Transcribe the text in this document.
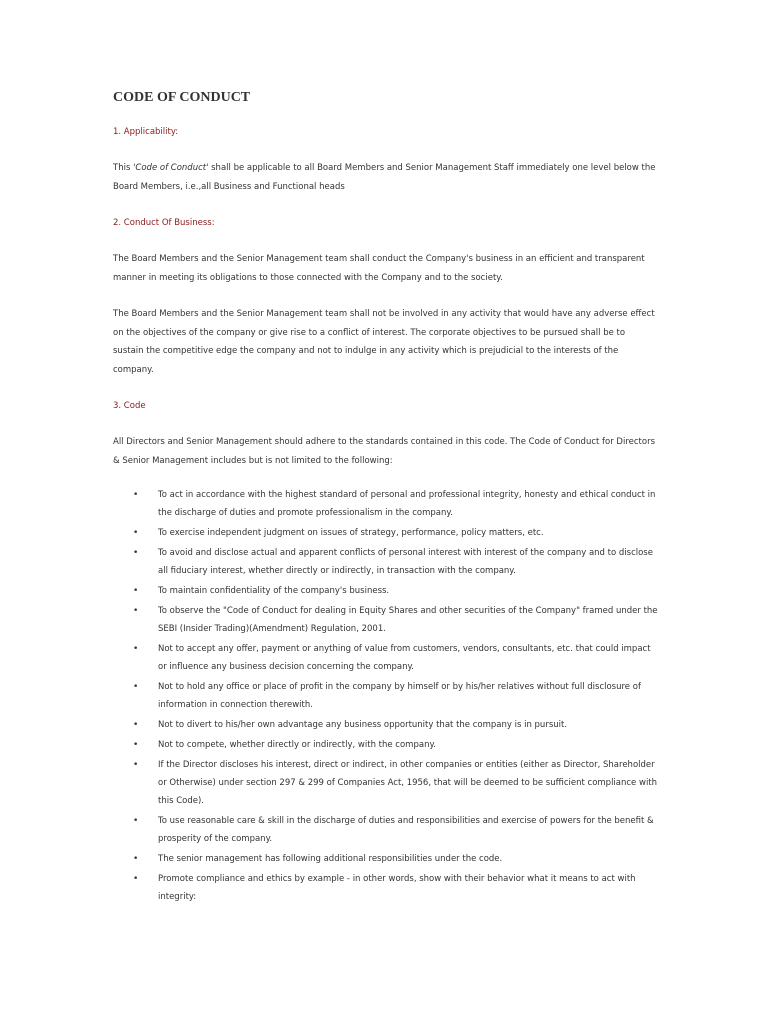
CODE OF CONDUCT
1. Applicability:

This 'Code of Conduct' shall be applicable to all Board Members and Senior Management Staff immediately one level below the Board Members, i.e.,all Business and Functional heads

2. Conduct Of Business:

The Board Members and the Senior Management team shall conduct the Company's business in an efficient and transparent manner in meeting its obligations to those connected with the Company and to the society.

The Board Members and the Senior Management team shall not be involved in any activity that would have any adverse effect on the objectives of the company or give rise to a conflict of interest. The corporate objectives to be pursued shall be to sustain the competitive edge the company and not to indulge in any activity which is prejudicial to the interests of the company.

3. Code

All Directors and Senior Management should adhere to the standards contained in this code. The Code of Conduct for Directors & Senior Management includes but is not limited to the following:

• To act in accordance with the highest standard of personal and professional integrity, honesty and ethical conduct in the discharge of duties and promote professionalism in the company.
• To exercise independent judgment on issues of strategy, performance, policy matters, etc.
• To avoid and disclose actual and apparent conflicts of personal interest with interest of the company and to disclose all fiduciary interest, whether directly or indirectly, in transaction with the company.
• To maintain confidentiality of the company's business.
• To observe the "Code of Conduct for dealing in Equity Shares and other securities of the Company" framed under the SEBI (Insider Trading)(Amendment) Regulation, 2001.
• Not to accept any offer, payment or anything of value from customers, vendors, consultants, etc. that could impact or influence any business decision concerning the company.
• Not to hold any office or place of profit in the company by himself or by his/her relatives without full disclosure of information in connection therewith.
• Not to divert to his/her own advantage any business opportunity that the company is in pursuit.
• Not to compete, whether directly or indirectly, with the company.
• If the Director discloses his interest, direct or indirect, in other companies or entities (either as Director, Shareholder or Otherwise) under section 297 & 299 of Companies Act, 1956, that will be deemed to be sufficient compliance with this Code).
• To use reasonable care & skill in the discharge of duties and responsibilities and exercise of powers for the benefit & prosperity of the company.
• The senior management has following additional responsibilities under the code.
• Promote compliance and ethics by example - in other words, show with their behavior what it means to act with integrity:
